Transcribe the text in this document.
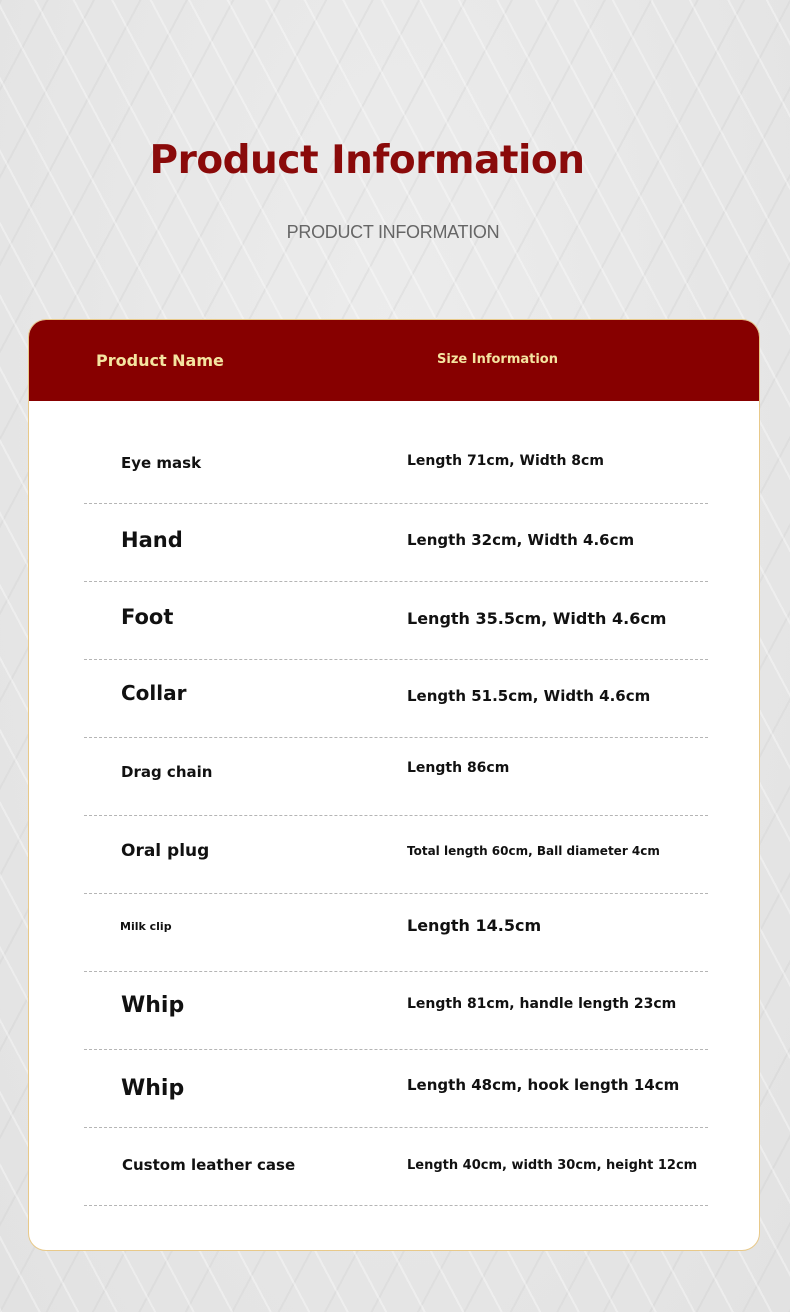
Product Information
PRODUCT INFORMATION
Product Name	Size Information
Eye mask	Length 71cm, Width 8cm
Hand	Length 32cm, Width 4.6cm
Foot	Length 35.5cm, Width 4.6cm
Collar	Length 51.5cm, Width 4.6cm
Drag chain	Length 86cm
Oral plug	Total length 60cm, Ball diameter 4cm
Milk clip	Length 14.5cm
Whip	Length 81cm, handle length 23cm
Whip	Length 48cm, hook length 14cm
Custom leather case	Length 40cm, width 30cm, height 12cm
